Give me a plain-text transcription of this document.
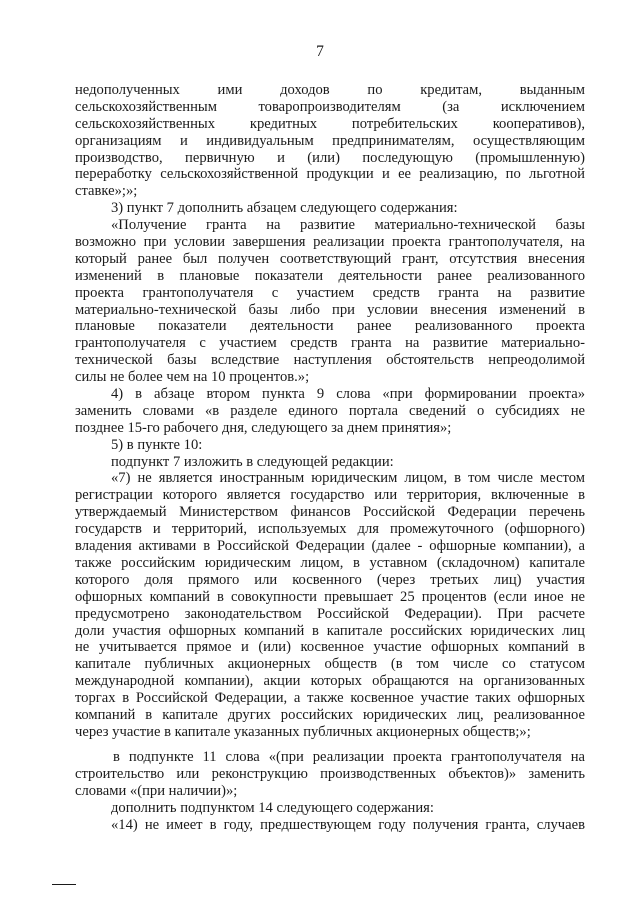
7
недополученных ими доходов по кредитам, выданным
сельскохозяйственным товаропроизводителям (за исключением
сельскохозяйственных кредитных потребительских кооперативов),
организациям и индивидуальным предпринимателям, осуществляющим
производство, первичную и (или) последующую (промышленную)
переработку сельскохозяйственной продукции и ее реализацию, по льготной
ставке»;»;
3) пункт 7 дополнить абзацем следующего содержания:
«Получение гранта на развитие материально-технической базы
возможно при условии завершения реализации проекта грантополучателя, на
который ранее был получен соответствующий грант, отсутствия внесения
изменений в плановые показатели деятельности ранее реализованного
проекта грантополучателя с участием средств гранта на развитие
материально-технической базы либо при условии внесения изменений в
плановые показатели деятельности ранее реализованного проекта
грантополучателя с участием средств гранта на развитие материально-
технической базы вследствие наступления обстоятельств непреодолимой
силы не более чем на 10 процентов.»;
4) в абзаце втором пункта 9 слова «при формировании проекта»
заменить словами «в разделе единого портала сведений о субсидиях не
позднее 15-го рабочего дня, следующего за днем принятия»;
5) в пункте 10:
подпункт 7 изложить в следующей редакции:
«7) не является иностранным юридическим лицом, в том числе местом
регистрации которого является государство или территория, включенные в
утверждаемый Министерством финансов Российской Федерации перечень
государств и территорий, используемых для промежуточного (офшорного)
владения активами в Российской Федерации (далее - офшорные компании), а
также российским юридическим лицом, в уставном (складочном) капитале
которого доля прямого или косвенного (через третьих лиц) участия
офшорных компаний в совокупности превышает 25 процентов (если иное не
предусмотрено законодательством Российской Федерации). При расчете
доли участия офшорных компаний в капитале российских юридических лиц
не учитывается прямое и (или) косвенное участие офшорных компаний в
капитале публичных акционерных обществ (в том числе со статусом
международной компании), акции которых обращаются на организованных
торгах в Российской Федерации, а также косвенное участие таких офшорных
компаний в капитале других российских юридических лиц, реализованное
через участие в капитале указанных публичных акционерных обществ;»;
в подпункте 11 слова «(при реализации проекта грантополучателя на
строительство или реконструкцию производственных объектов)» заменить
словами «(при наличии)»;
дополнить подпунктом 14 следующего содержания:
«14) не имеет в году, предшествующем году получения гранта, случаев
